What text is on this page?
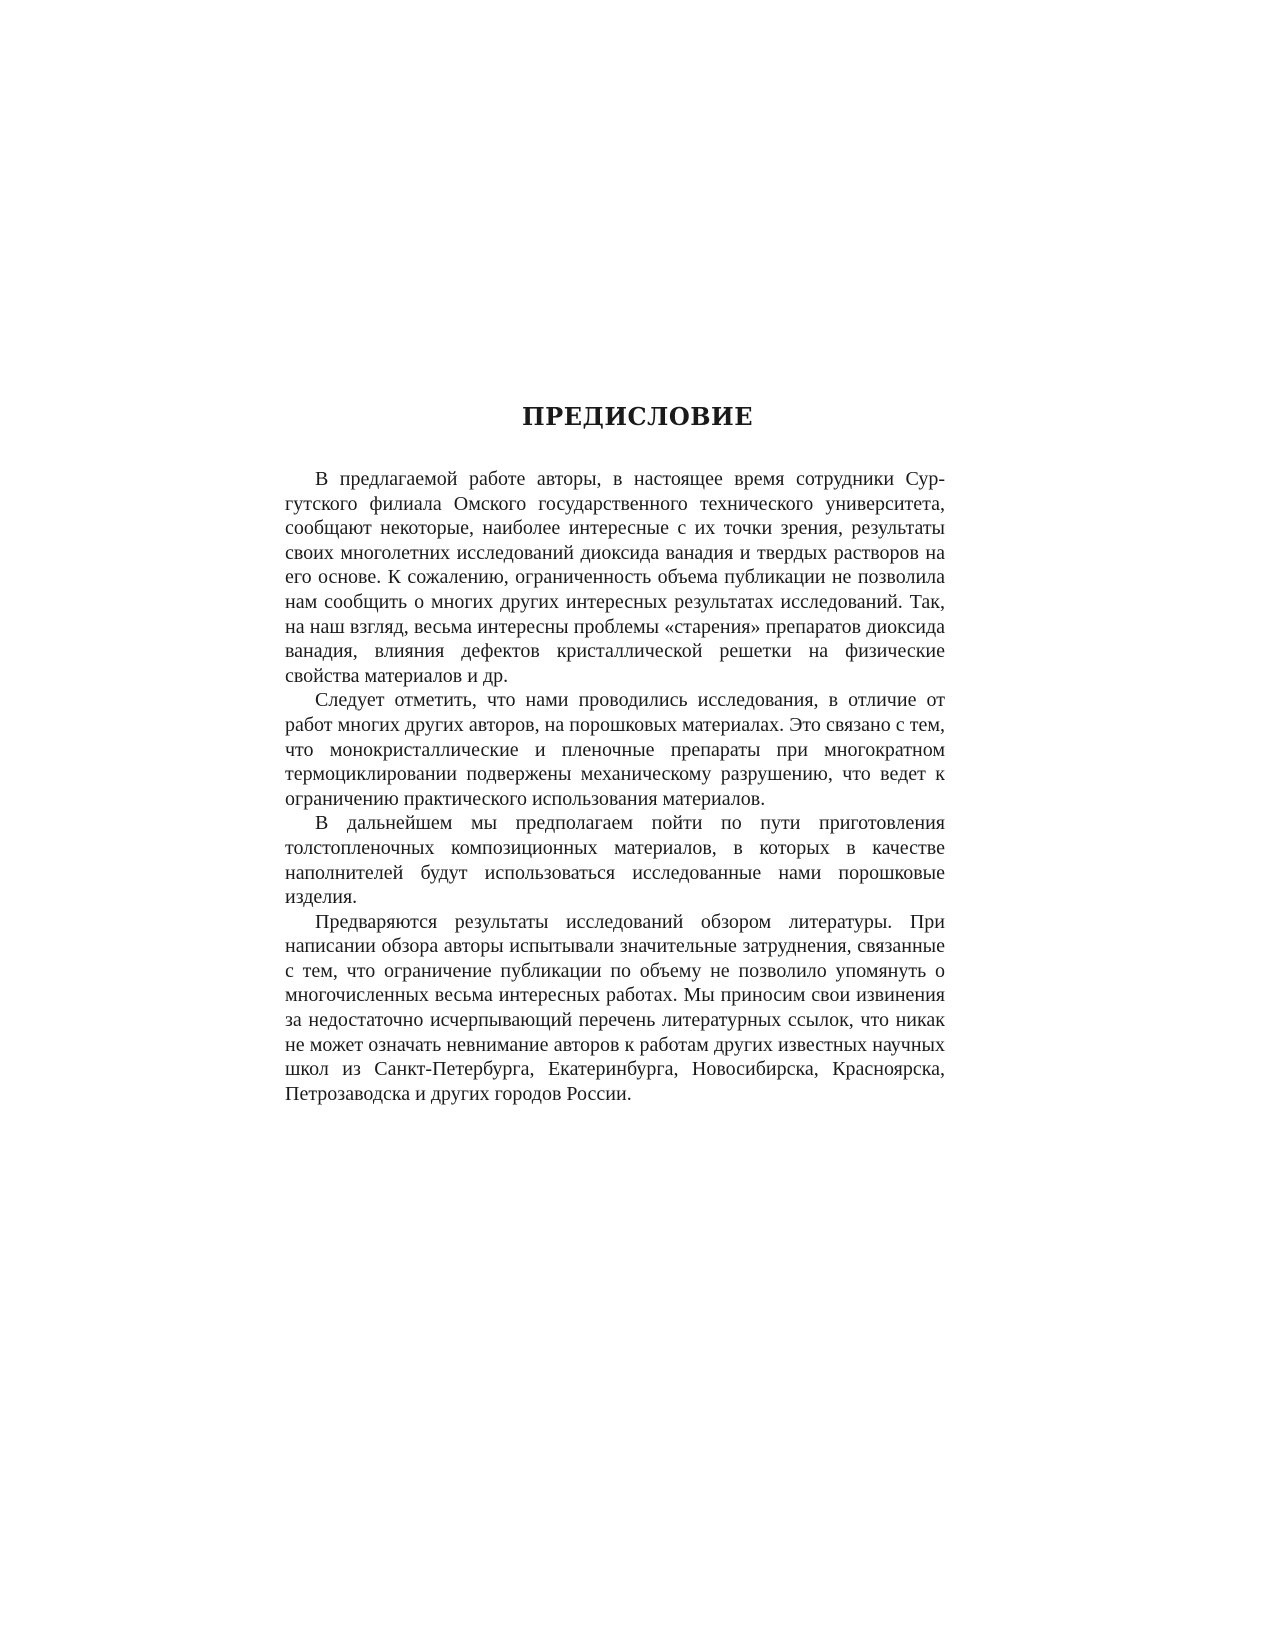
ПРЕДИСЛОВИЕ

В предлагаемой работе авторы, в настоящее время сотрудники Сургутского филиала Омского государственного технического университета, сообщают некоторые, наиболее интересные с их точки зрения, результаты своих многолетних исследований диоксида ванадия и твердых растворов на его основе. К сожалению, ограниченность объема публикации не позволила нам сообщить о многих других интересных результатах исследований. Так, на наш взгляд, весьма интересны проблемы «старения» препаратов диоксида ванадия, влияния дефектов кристаллической решетки на физические свойства материалов и др.

Следует отметить, что нами проводились исследования, в отличие от работ многих других авторов, на порошковых материалах. Это связано с тем, что монокристаллические и пленочные препараты при многократном термоциклировании подвержены механическому разрушению, что ведет к ограничению практического использования материалов.

В дальнейшем мы предполагаем пойти по пути приготовления толстопленочных композиционных материалов, в которых в качестве наполнителей будут использоваться исследованные нами порошковые изделия.

Предваряются результаты исследований обзором литературы. При написании обзора авторы испытывали значительные затруднения, связанные с тем, что ограничение публикации по объему не позволило упомянуть о многочисленных весьма интересных работах. Мы приносим свои извинения за недостаточно исчерпывающий перечень литературных ссылок, что никак не может означать невнимание авторов к работам других известных научных школ из Санкт-Петербурга, Екатеринбурга, Новосибирска, Красноярска, Петрозаводска и других городов России.
